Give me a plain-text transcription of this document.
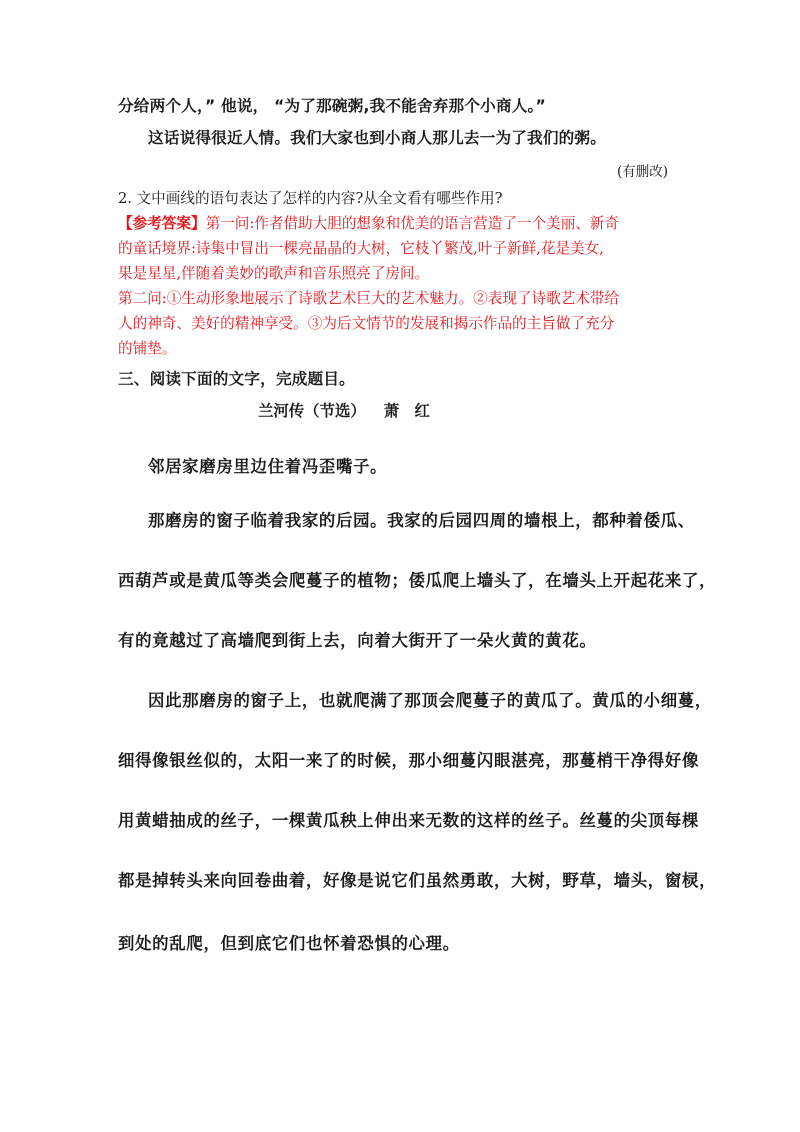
分给两个人，” 他说， “为了那碗粥,我不能舍弃那个小商人。”
这话说得很近人情。我们大家也到小商人那儿去一为了我们的粥。
(有删改)
2. 文中画线的语句表达了怎样的内容?从全文看有哪些作用?
【参考答案】第一问:作者借助大胆的想象和优美的语言营造了一个美丽、新奇
的童话境界:诗集中冒出一棵亮晶晶的大树，它枝丫繁茂,叶子新鲜,花是美女,
果是星星,伴随着美妙的歌声和音乐照亮了房间。
第二问:①生动形象地展示了诗歌艺术巨大的艺术魅力。②表现了诗歌艺术带给
人的神奇、美好的精神享受。③为后文情节的发展和揭示作品的主旨做了充分
的铺垫。
三、阅读下面的文字，完成题目。
兰河传（节选） 萧　红
邻居家磨房里边住着冯歪嘴子。
那磨房的窗子临着我家的后园。我家的后园四周的墙根上，都种着倭瓜、
西葫芦或是黄瓜等类会爬蔓子的植物；倭瓜爬上墙头了，在墙头上开起花来了，
有的竟越过了高墙爬到街上去，向着大街开了一朵火黄的黄花。
因此那磨房的窗子上，也就爬满了那顶会爬蔓子的黄瓜了。黄瓜的小细蔓，
细得像银丝似的，太阳一来了的时候，那小细蔓闪眼湛亮，那蔓梢干净得好像
用黄蜡抽成的丝子，一棵黄瓜秧上伸出来无数的这样的丝子。丝蔓的尖顶每棵
都是掉转头来向回卷曲着，好像是说它们虽然勇敢，大树，野草，墙头，窗棂，
到处的乱爬，但到底它们也怀着恐惧的心理。
